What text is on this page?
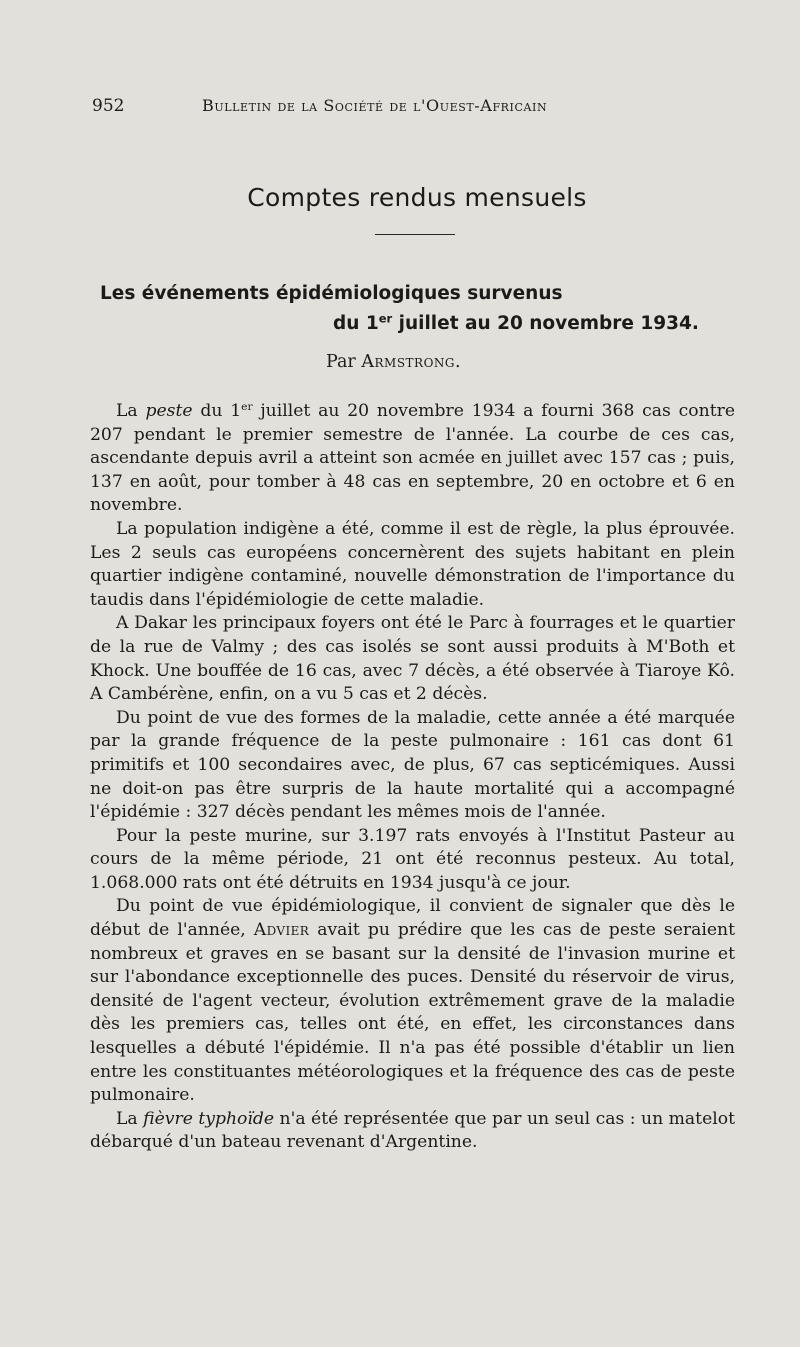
952	Bulletin de la Société de l'Ouest-Africain
Comptes rendus mensuels
Les événements épidémiologiques survenus
du 1er juillet au 20 novembre 1934.
Par Armstrong.

La peste du 1er juillet au 20 novembre 1934 a fourni 368 cas contre 207 pendant le premier semestre de l'année. La courbe de ces cas, ascendante depuis avril a atteint son acmée en juillet avec 157 cas ; puis, 137 en août, pour tomber à 48 cas en septembre, 20 en octobre et 6 en novembre.

La population indigène a été, comme il est de règle, la plus éprouvée. Les 2 seuls cas européens concernèrent des sujets habitant en plein quartier indigène contaminé, nouvelle démonstration de l'importance du taudis dans l'épidémiologie de cette maladie.

A Dakar les principaux foyers ont été le Parc à fourrages et le quartier de la rue de Valmy ; des cas isolés se sont aussi produits à M'Both et Khock. Une bouffée de 16 cas, avec 7 décès, a été observée à Tiaroye Kô. A Cambérène, enfin, on a vu 5 cas et 2 décès.

Du point de vue des formes de la maladie, cette année a été marquée par la grande fréquence de la peste pulmonaire : 161 cas dont 61 primitifs et 100 secondaires avec, de plus, 67 cas septicémiques. Aussi ne doit-on pas être surpris de la haute mortalité qui a accompagné l'épidémie : 327 décès pendant les mêmes mois de l'année.

Pour la peste murine, sur 3.197 rats envoyés à l'Institut Pasteur au cours de la même période, 21 ont été reconnus pesteux. Au total, 1.068.000 rats ont été détruits en 1934 jusqu'à ce jour.

Du point de vue épidémiologique, il convient de signaler que dès le début de l'année, Advier avait pu prédire que les cas de peste seraient nombreux et graves en se basant sur la densité de l'invasion murine et sur l'abondance exceptionnelle des puces. Densité du réservoir de virus, densité de l'agent vecteur, évolution extrêmement grave de la maladie dès les premiers cas, telles ont été, en effet, les circonstances dans lesquelles a débuté l'épidémie. Il n'a pas été possible d'établir un lien entre les constituantes météorologiques et la fréquence des cas de peste pulmonaire.

La fièvre typhoïde n'a été représentée que par un seul cas : un matelot débarqué d'un bateau revenant d'Argentine.
